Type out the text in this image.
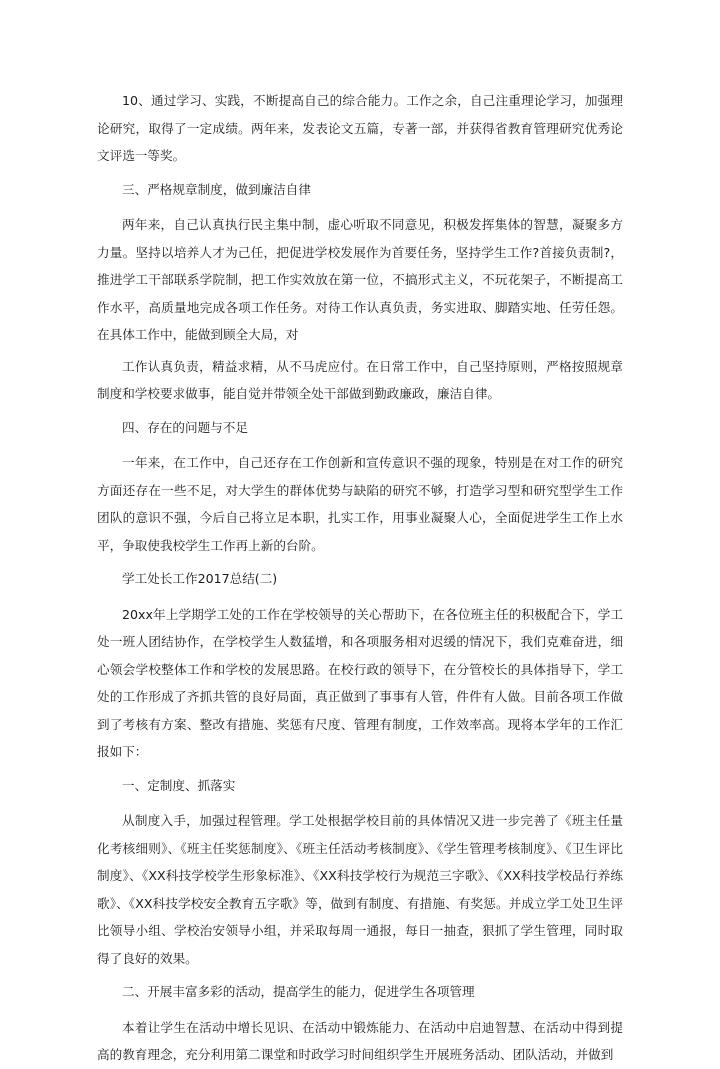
10、通过学习、实践，不断提高自己的综合能力。工作之余，自己注重理论学习，加强理论研究，取得了一定成绩。两年来，发表论文五篇，专著一部，并获得省教育管理研究优秀论文评选一等奖。

三、严格规章制度，做到廉洁自律

两年来，自己认真执行民主集中制，虚心听取不同意见，积极发挥集体的智慧，凝聚多方力量。坚持以培养人才为己任，把促进学校发展作为首要任务，坚持学生工作?首接负责制?，推进学工干部联系学院制，把工作实效放在第一位，不搞形式主义，不玩花架子，不断提高工作水平，高质量地完成各项工作任务。对待工作认真负责，务实进取、脚踏实地、任劳任怨。在具体工作中，能做到顾全大局，对

工作认真负责，精益求精，从不马虎应付。在日常工作中，自己坚持原则，严格按照规章制度和学校要求做事，能自觉并带领全处干部做到勤政廉政，廉洁自律。

四、存在的问题与不足

一年来，在工作中，自己还存在工作创新和宣传意识不强的现象，特别是在对工作的研究方面还存在一些不足，对大学生的群体优势与缺陷的研究不够，打造学习型和研究型学生工作团队的意识不强，今后自己将立足本职，扎实工作，用事业凝聚人心，全面促进学生工作上水平，争取使我校学生工作再上新的台阶。

学工处长工作2017总结(二)

20xx年上学期学工处的工作在学校领导的关心帮助下，在各位班主任的积极配合下，学工处一班人团结协作，在学校学生人数猛增，和各项服务相对迟缓的情况下，我们克难奋进，细心领会学校整体工作和学校的发展思路。在校行政的领导下，在分管校长的具体指导下，学工处的工作形成了齐抓共管的良好局面，真正做到了事事有人管，件件有人做。目前各项工作做到了考核有方案、整改有措施、奖惩有尺度、管理有制度，工作效率高。现将本学年的工作汇报如下：

一、定制度、抓落实

从制度入手，加强过程管理。学工处根据学校目前的具体情况又进一步完善了《班主任量化考核细则》、《班主任奖惩制度》、《班主任活动考核制度》、《学生管理考核制度》、《卫生评比制度》、《XX科技学校学生形象标准》、《XX科技学校行为规范三字歌》、《XX科技学校品行养练歌》、《XX科技学校安全教育五字歌》等，做到有制度、有措施、有奖惩。并成立学工处卫生评比领导小组、学校治安领导小组，并采取每周一通报，每日一抽查，狠抓了学生管理，同时取得了良好的效果。

二、开展丰富多彩的活动，提高学生的能力，促进学生各项管理

本着让学生在活动中增长见识、在活动中锻炼能力、在活动中启迪智慧、在活动中得到提高的教育理念，充分利用第二课堂和时政学习时间组织学生开展班务活动、团队活动，并做到
